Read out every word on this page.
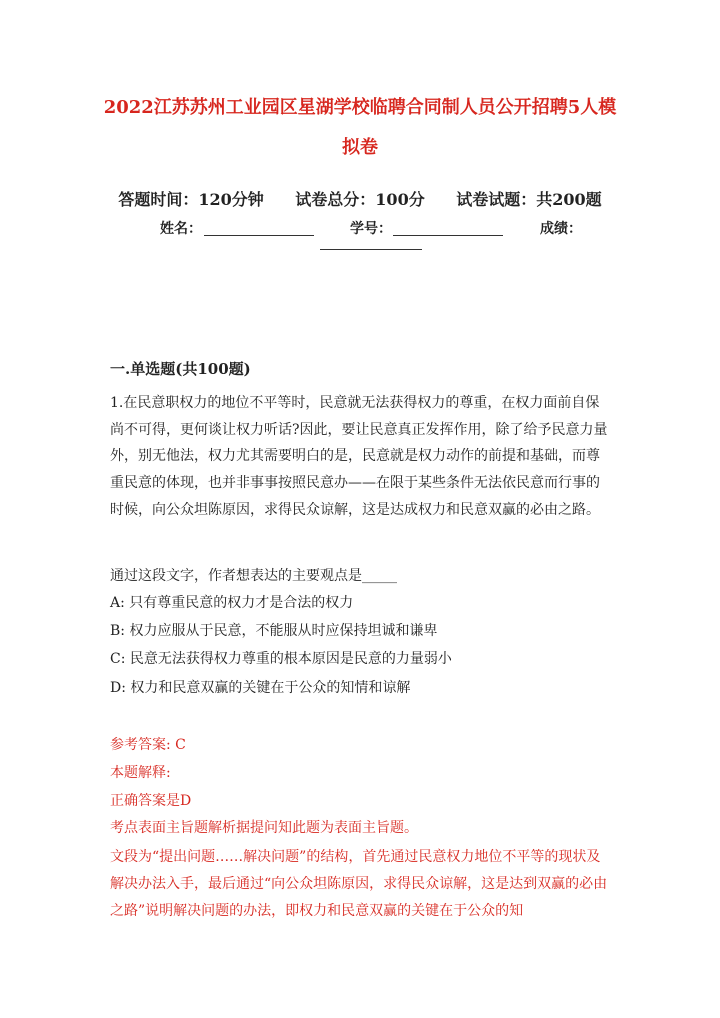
2022江苏苏州工业园区星湖学校临聘合同制人员公开招聘5人模拟卷
答题时间：120分钟 试卷总分：100分 试卷试题：共200题
姓名：	学号：	成绩：
一.单选题(共100题)
1.在民意职权力的地位不平等时，民意就无法获得权力的尊重，在权力面前自保尚不可得，更何谈让权力听话?因此，要让民意真正发挥作用，除了给予民意力量外，别无他法，权力尤其需要明白的是，民意就是权力动作的前提和基础，而尊重民意的体现，也并非事事按照民意办——在限于某些条件无法依民意而行事的时候，向公众坦陈原因，求得民众谅解，这是达成权力和民意双赢的必由之路。
通过这段文字，作者想表达的主要观点是_____
A: 只有尊重民意的权力才是合法的权力
B: 权力应服从于民意，不能服从时应保持坦诚和谦卑
C: 民意无法获得权力尊重的根本原因是民意的力量弱小
D: 权力和民意双赢的关键在于公众的知情和谅解
参考答案: C
本题解释:
正确答案是D
考点表面主旨题解析据提问知此题为表面主旨题。
文段为“提出问题……解决问题”的结构，首先通过民意权力地位不平等的现状及解决办法入手，最后通过“向公众坦陈原因，求得民众谅解，这是达到双赢的必由之路”说明解决问题的办法，即权力和民意双赢的关键在于公众的知
